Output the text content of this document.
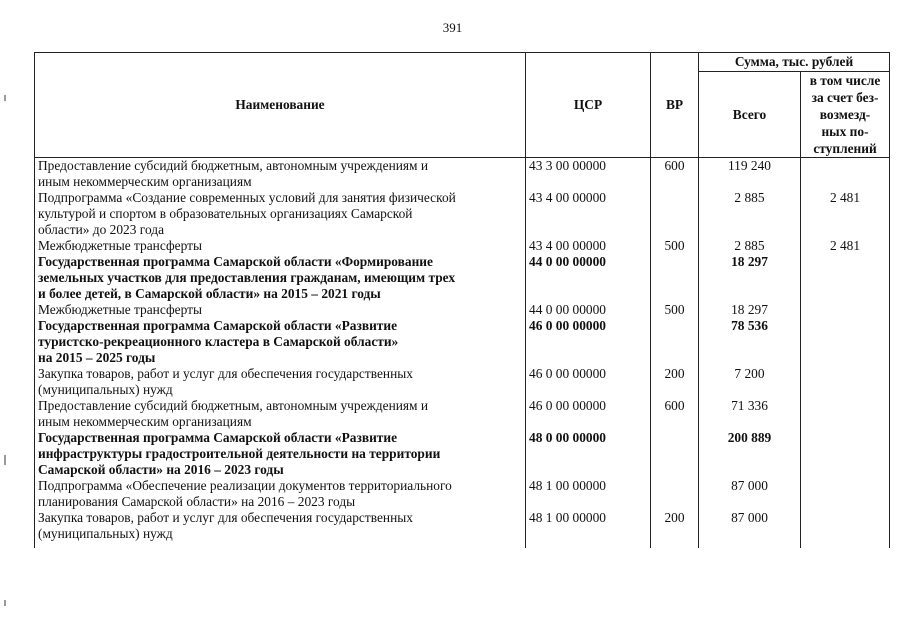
391
Наименование	ЦСР	ВР	Сумма, тыс. рублей	
			Всего	в том числе
за счет без-
возмезд-
ных по-
ступлений
Предоставление субсидий бюджетным, автономным учреждениям и
иным некоммерческим организациям	43 3 00 00000	600	119 240	
Подпрограмма «Создание современных условий для занятия физической
культурой и спортом в образовательных организациях Самарской
области» до 2023 года	43 4 00 00000		2 885	2 481
Межбюджетные трансферты	43 4 00 00000	500	2 885	2 481
Государственная программа Самарской области «Формирование
земельных участков для предоставления гражданам, имеющим трех
и более детей, в Самарской области» на 2015 – 2021 годы	44 0 00 00000		18 297	
Межбюджетные трансферты	44 0 00 00000	500	18 297	
Государственная программа Самарской области «Развитие
туристско-рекреационного кластера в Самарской области»
на 2015 – 2025 годы	46 0 00 00000		78 536	
Закупка товаров, работ и услуг для обеспечения государственных
(муниципальных) нужд	46 0 00 00000	200	7 200	
Предоставление субсидий бюджетным, автономным учреждениям и
иным некоммерческим организациям	46 0 00 00000	600	71 336	
Государственная программа Самарской области «Развитие
инфраструктуры градостроительной деятельности на территории
Самарской области» на 2016 – 2023 годы	48 0 00 00000		200 889	
Подпрограмма «Обеспечение реализации документов территориального
планирования Самарской области» на 2016 – 2023 годы	48 1 00 00000		87 000	
Закупка товаров, работ и услуг для обеспечения государственных
(муниципальных) нужд	48 1 00 00000	200	87 000	
